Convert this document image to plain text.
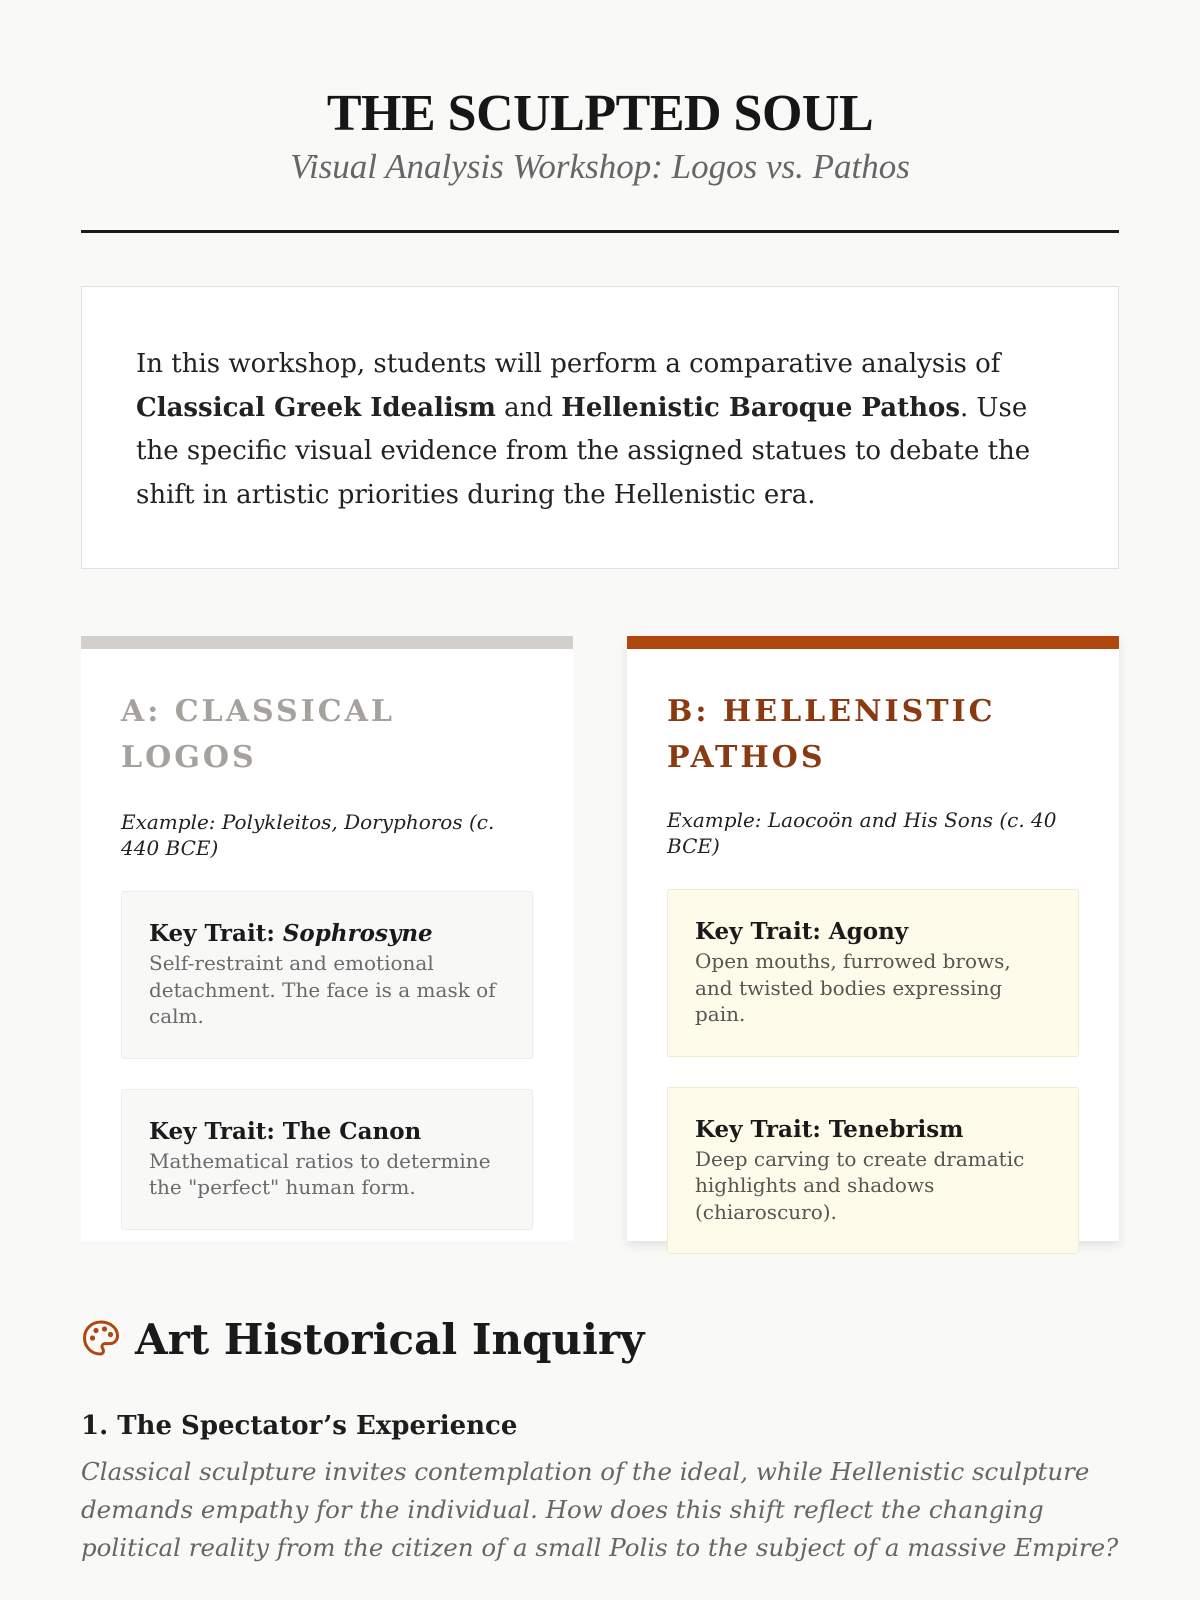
THE SCULPTED SOUL
Visual Analysis Workshop: Logos vs. Pathos

In this workshop, students will perform a comparative analysis of Classical Greek Idealism and Hellenistic Baroque Pathos. Use the specific visual evidence from the assigned statues to debate the shift in artistic priorities during the Hellenistic era.

A: CLASSICAL LOGOS
Example: Polykleitos, Doryphoros (c. 440 BCE)
Key Trait: Sophrosyne
Self-restraint and emotional detachment. The face is a mask of calm.
Key Trait: The Canon
Mathematical ratios to determine the "perfect" human form.
B: HELLENISTIC PATHOS
Example: Laocoön and His Sons (c. 40 BCE)
Key Trait: Agony
Open mouths, furrowed brows, and twisted bodies expressing pain.
Key Trait: Tenebrism
Deep carving to create dramatic highlights and shadows (chiaroscuro).
Art Historical Inquiry
1. The Spectator’s Experience

Classical sculpture invites contemplation of the ideal, while Hellenistic sculpture demands empathy for the individual. How does this shift reflect the changing political reality from the citizen of a small Polis to the subject of a massive Empire?
